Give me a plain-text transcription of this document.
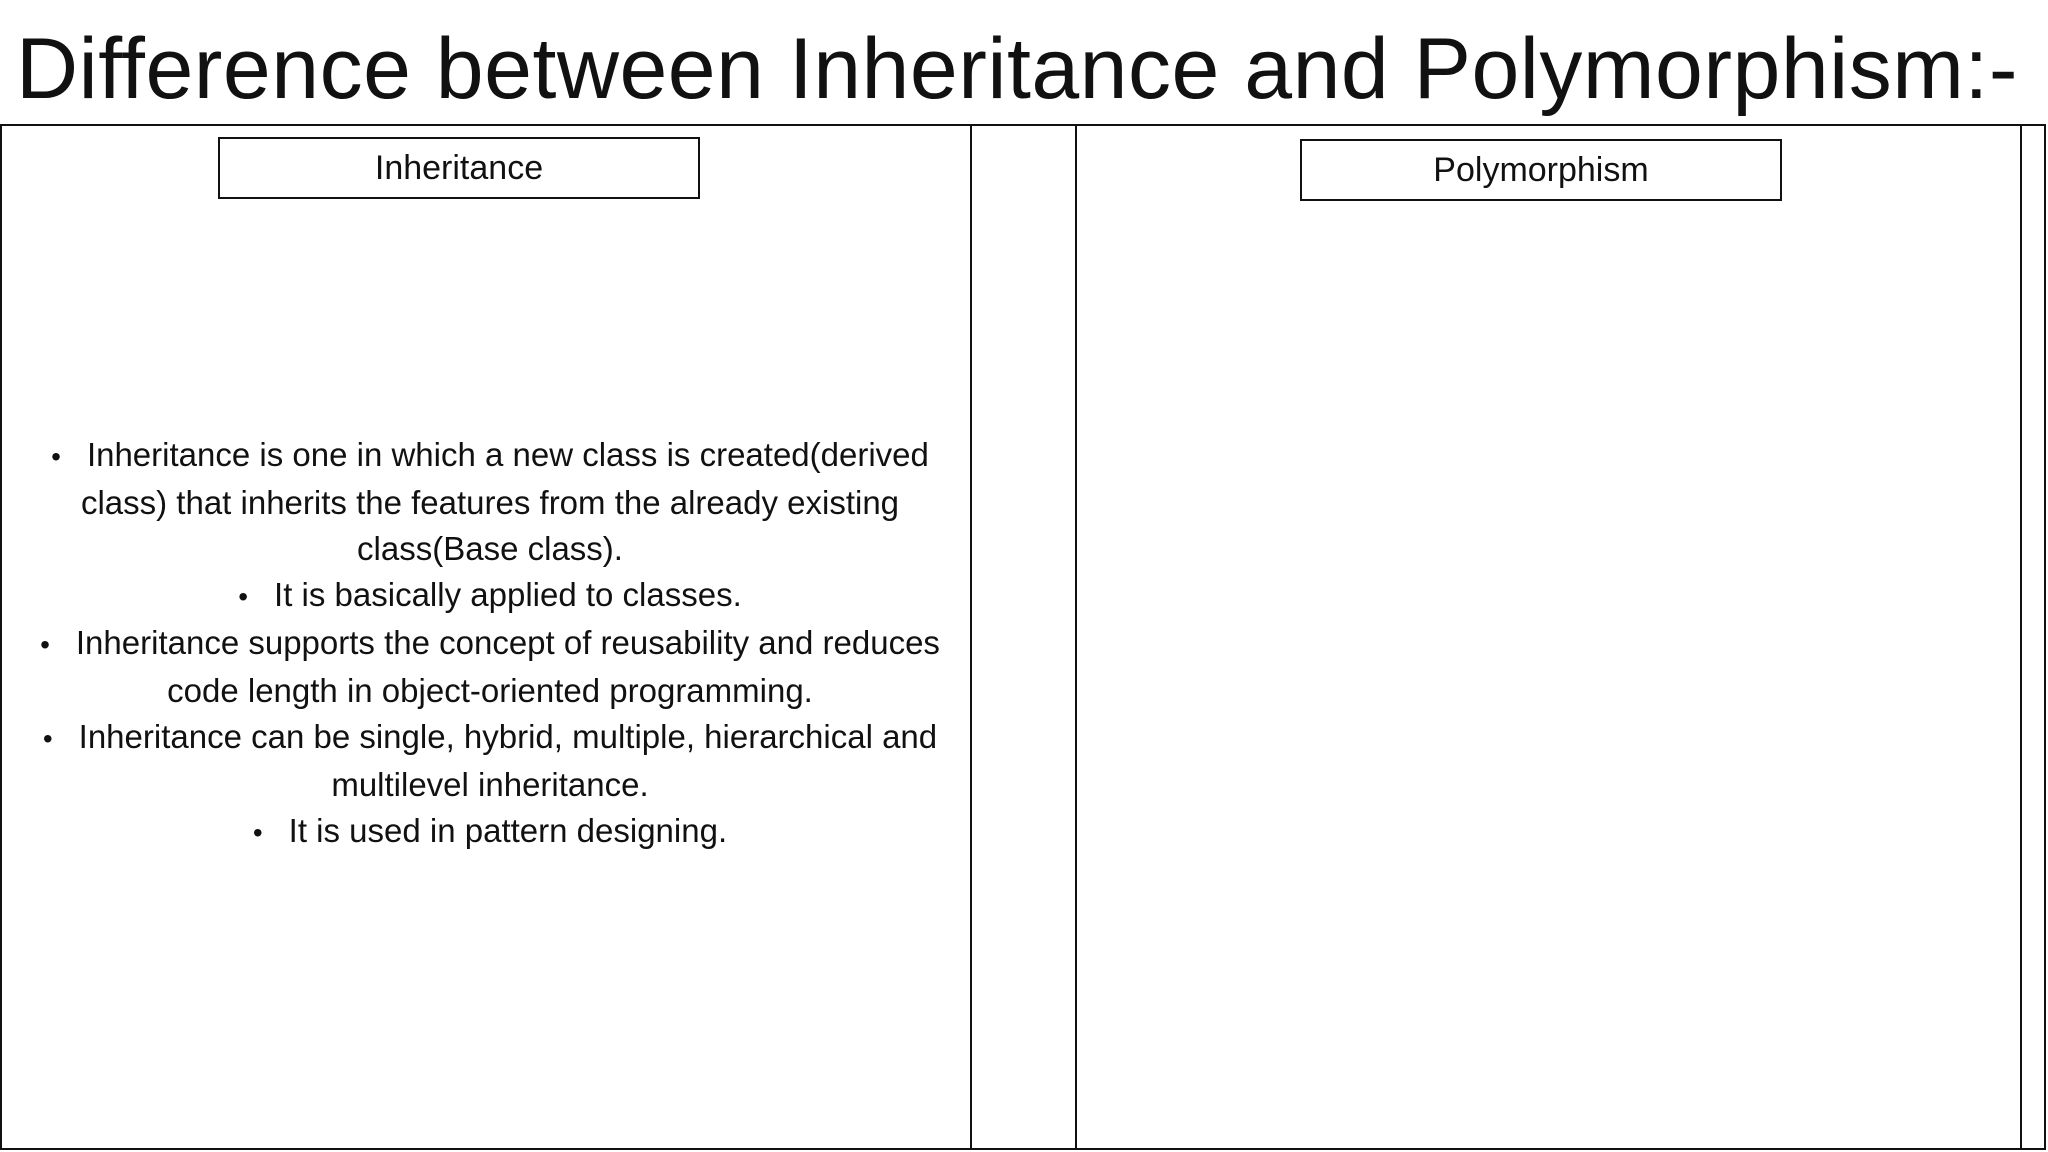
Difference between Inheritance and Polymorphism:-
Inheritance	Polymorphism
• Inheritance is one in which a new class is created(derived class) that inherits the features from the already existing class(Base class).
• It is basically applied to classes.
• Inheritance supports the concept of reusability and reduces code length in object-oriented programming.
• Inheritance can be single, hybrid, multiple, hierarchical and multilevel inheritance.
• It is used in pattern designing.
